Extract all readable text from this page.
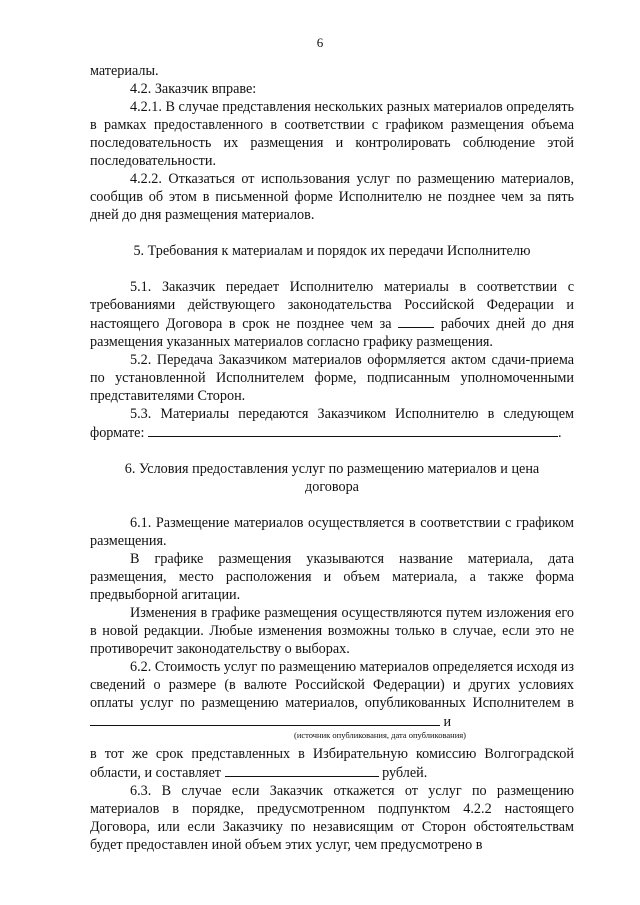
6

материалы.

4.2. Заказчик вправе:

4.2.1. В случае представления нескольких разных материалов определять в рамках предоставленного в соответствии с графиком размещения объема последовательность их размещения и контролировать соблюдение этой последовательности.

4.2.2. Отказаться от использования услуг по размещению материалов, сообщив об этом в письменной форме Исполнителю не позднее чем за пять дней до дня размещения материалов.

5. Требования к материалам и порядок их передачи Исполнителю

5.1. Заказчик передает Исполнителю материалы в соответствии с требованиями действующего законодательства Российской Федерации и настоящего Договора в срок не позднее чем за	рабочих дней до дня размещения указанных материалов согласно графику размещения.

5.2. Передача Заказчиком материалов оформляется актом сдачи-приема по установленной Исполнителем форме, подписанным уполномоченными представителями Сторон.

5.3. Материалы передаются Заказчиком Исполнителю в следующем формате:	.

6. Условия предоставления услуг по размещению материалов и цена

договора

6.1. Размещение материалов осуществляется в соответствии с графиком размещения.

В графике размещения указываются название материала, дата размещения, место расположения и объем материала, а также форма предвыборной агитации.

Изменения в графике размещения осуществляются путем изложения его в новой редакции. Любые изменения возможны только в случае, если это не противоречит законодательству о выборах.

6.2. Стоимость услуг по размещению материалов определяется исходя из сведений о размере (в валюте Российской Федерации) и других условиях оплаты услуг по размещению материалов, опубликованных Исполнителем в  и

(источник опубликования, дата опубликования)

в тот же срок представленных в Избирательную комиссию Волгоградской области, и составляет	рублей.

6.3. В случае если Заказчик откажется от услуг по размещению материалов в порядке, предусмотренном подпунктом 4.2.2 настоящего Договора, или если Заказчику по независящим от Сторон обстоятельствам будет предоставлен иной объем этих услуг, чем предусмотрено в
